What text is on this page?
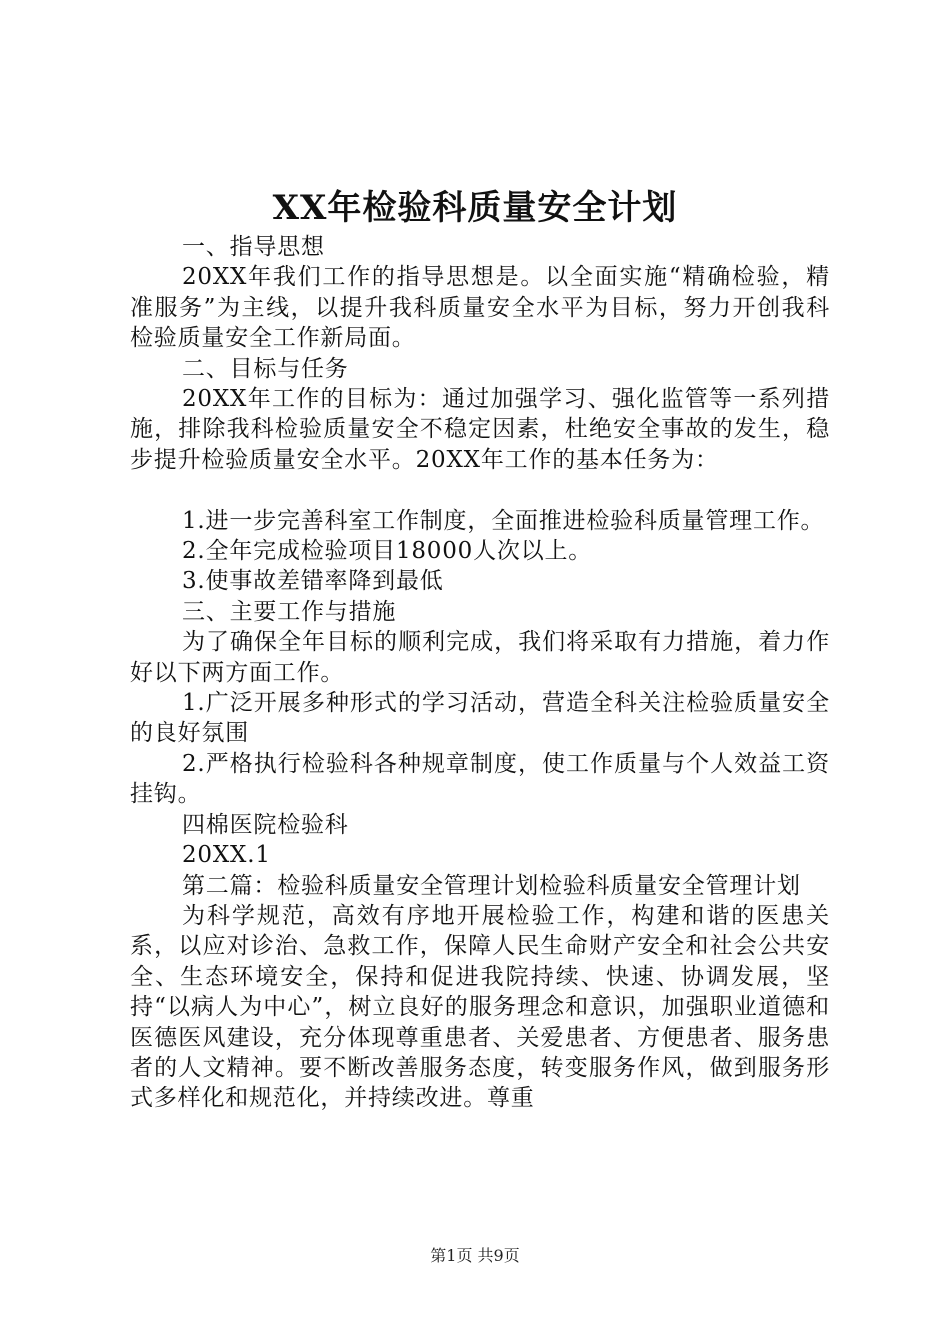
XX年检验科质量安全计划

一、指导思想

20XX年我们工作的指导思想是。以全面实施“精确检验，精准服务”为主线，以提升我科质量安全水平为目标，努力开创我科检验质量安全工作新局面。

二、目标与任务

20XX年工作的目标为：通过加强学习、强化监管等一系列措施，排除我科检验质量安全不稳定因素，杜绝安全事故的发生，稳步提升检验质量安全水平。20XX年工作的基本任务为：

1.进一步完善科室工作制度，全面推进检验科质量管理工作。

2.全年完成检验项目18000人次以上。

3.使事故差错率降到最低

三、主要工作与措施

为了确保全年目标的顺利完成，我们将采取有力措施，着力作好以下两方面工作。

1.广泛开展多种形式的学习活动，营造全科关注检验质量安全的良好氛围

2.严格执行检验科各种规章制度，使工作质量与个人效益工资挂钩。

四棉医院检验科

20XX.1

第二篇：检验科质量安全管理计划检验科质量安全管理计划

为科学规范，高效有序地开展检验工作，构建和谐的医患关系，以应对诊治、急救工作，保障人民生命财产安全和社会公共安全、生态环境安全，保持和促进我院持续、快速、协调发展，坚持“以病人为中心”，树立良好的服务理念和意识，加强职业道德和医德医风建设，充分体现尊重患者、关爱患者、方便患者、服务患者的人文精神。要不断改善服务态度，转变服务作风，做到服务形式多样化和规范化，并持续改进。尊重

第1页 共9页
